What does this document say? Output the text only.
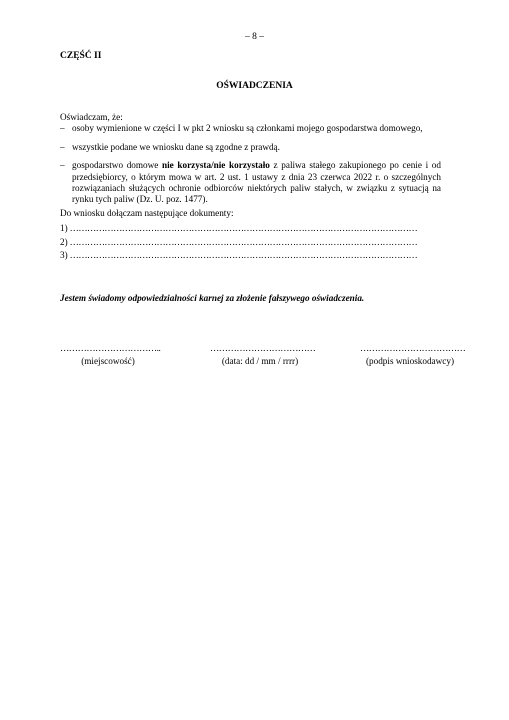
– 8 –
CZĘŚĆ II
OŚWIADCZENIA

Oświadczam, że:

– osoby wymienione w części I w pkt 2 wniosku są członkami mojego gospodarstwa domowego,

– wszystkie podane we wniosku dane są zgodne z prawdą.

– gospodarstwo domowe nie korzysta/nie korzystało z paliwa stałego zakupionego po cenie i od przedsiębiorcy, o którym mowa w art. 2 ust. 1 ustawy z dnia 23 czerwca 2022 r. o szczególnych rozwiązaniach służących ochronie odbiorców niektórych paliw stałych, w związku z sytuacją na rynku tych paliw (Dz. U. poz. 1477).

Do wniosku dołączam następujące dokumenty:

1) …………………………………………………………………………………………………………
2) …………………………………………………………………………………………………………
3) …………………………………………………………………………………………………………
Jestem świadomy odpowiedzialności karnej za złożenie fałszywego oświadczenia.
……………………………..
(miejscowość)
………………………………
(data: dd / mm / rrrr)
………………………………
(podpis wnioskodawcy)
